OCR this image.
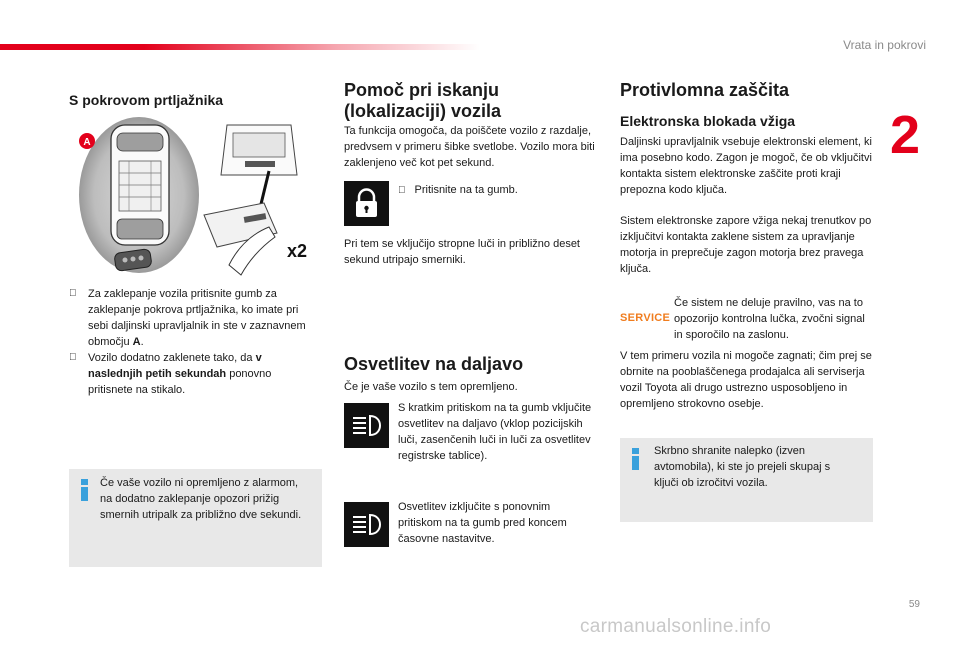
Vrata in pokrovi
2
S pokrovom prtljažnika
A
x2

Za zaklepanje vozila pritisnite gumb za zaklepanje pokrova prtljažnika, ko imate pri sebi daljinski upravljalnik in ste v zaznavnem območju A.

Vozilo dodatno zaklenete tako, da v naslednjih petih sekundah ponovno pritisnete na stikalo.

Če vaše vozilo ni opremljeno z alarmom, na dodatno zaklepanje opozori prižig smernih utripalk za približno dve sekundi.

Pomoč pri iskanju (lokalizaciji) vozila

Ta funkcija omogoča, da poiščete vozilo z razdalje, predvsem v primeru šibke svetlobe. Vozilo mora biti zaklenjeno več kot pet sekund.

Pritisnite na ta gumb.

Pri tem se vključijo stropne luči in približno deset sekund utripajo smerniki.

Osvetlitev na daljavo

Če je vaše vozilo s tem opremljeno.

S kratkim pritiskom na ta gumb vključite osvetlitev na daljavo (vklop pozicijskih luči, zasenčenih luči in luči za osvetlitev registrske tablice).

Osvetlitev izključite s ponovnim pritiskom na ta gumb pred koncem časovne nastavitve.

Protivlomna zaščita
Elektronska blokada vžiga

Daljinski upravljalnik vsebuje elektronski element, ki ima posebno kodo. Zagon je mogoč, če ob vključitvi kontakta sistem elektronske zaščite proti kraji prepozna kodo ključa.

Sistem elektronske zapore vžiga nekaj trenutkov po izključitvi kontakta zaklene sistem za upravljanje motorja in preprečuje zagon motorja brez pravega ključa.

SERVICE

Če sistem ne deluje pravilno, vas na to opozorijo kontrolna lučka, zvočni signal in sporočilo na zaslonu.

V tem primeru vozila ni mogoče zagnati; čim prej se obrnite na pooblaščenega prodajalca ali serviserja vozil Toyota ali drugo ustrezno usposobljeno in opremljeno strokovno osebje.

Skrbno shranite nalepko (izven avtomobila), ki ste jo prejeli skupaj s ključi ob izročitvi vozila.

59
carmanualsonline.info
